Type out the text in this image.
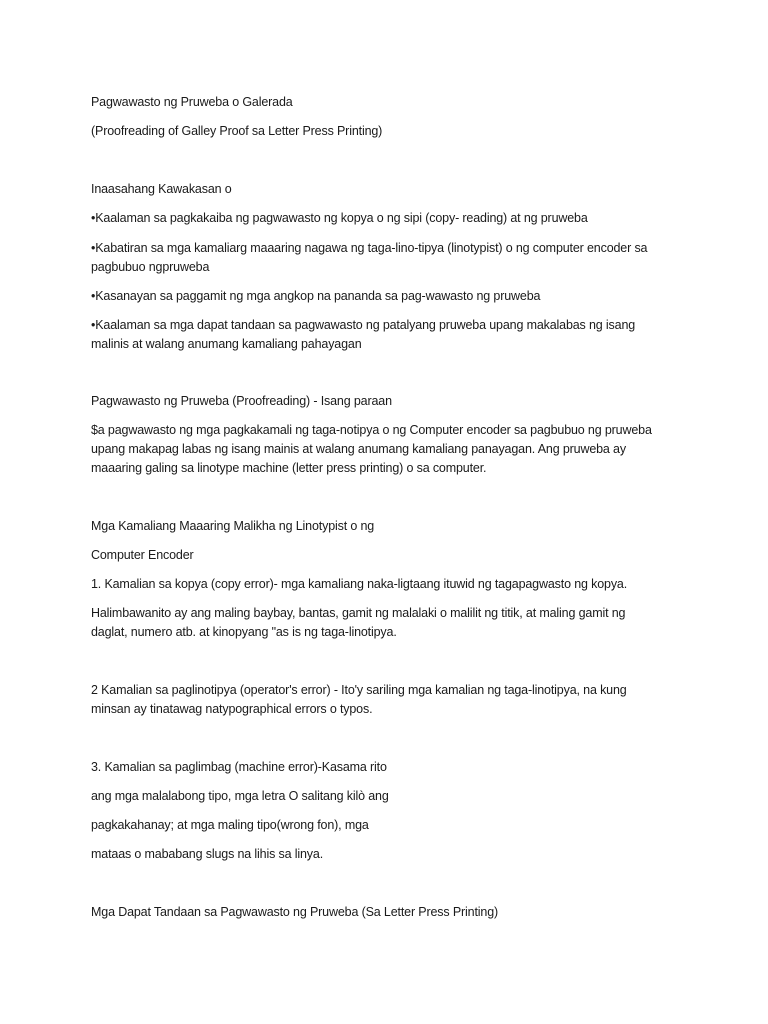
Pagwawasto ng Pruweba o Galerada
(Proofreading of Galley Proof sa Letter Press Printing)
Inaasahang Kawakasan o
•Kaalaman sa pagkakaiba ng pagwawasto ng kopya o ng sipi (copy- reading) at ng pruweba
•Kabatiran sa mga kamaliarg maaaring nagawa ng taga-lino-tipya (linotypist) o ng computer encoder sa
pagbubuo ngpruweba
•Kasanayan sa paggamit ng mga angkop na pananda sa pag-wawasto ng pruweba
•Kaalaman sa mga dapat tandaan sa pagwawasto ng patalyang pruweba upang makalabas ng isang
malinis at walang anumang kamaliang pahayagan
Pagwawasto ng Pruweba (Proofreading) - Isang paraan
$a pagwawasto ng mga pagkakamali ng taga-notipya o ng Computer encoder sa pagbubuo ng pruweba
upang makapag labas ng isang mainis at walang anumang kamaliang panayagan. Ang pruweba ay
maaaring galing sa linotype machine (letter press printing) o sa computer.
Mga Kamaliang Maaaring Malikha ng Linotypist o ng
Computer Encoder
1. Kamalian sa kopya (copy error)- mga kamaliang naka-ligtaang ituwid ng tagapagwasto ng kopya.
Halimbawanito ay ang maling baybay, bantas, gamit ng malalaki o malilit ng titik, at maling gamit ng
daglat, numero atb. at kinopyang "as is ng taga-linotipya.
2 Kamalian sa paglinotipya (operator's error) - Ito'y sariling mga kamalian ng taga-linotipya, na kung
minsan ay tinatawag natypographical errors o typos.
3. Kamalian sa paglimbag (machine error)-Kasama rito
ang mga malalabong tipo, mga letra O salitang kilò ang
pagkakahanay; at mga maling tipo(wrong fon), mga
mataas o mababang slugs na lihis sa linya.
Mga Dapat Tandaan sa Pagwawasto ng Pruweba (Sa Letter Press Printing)
